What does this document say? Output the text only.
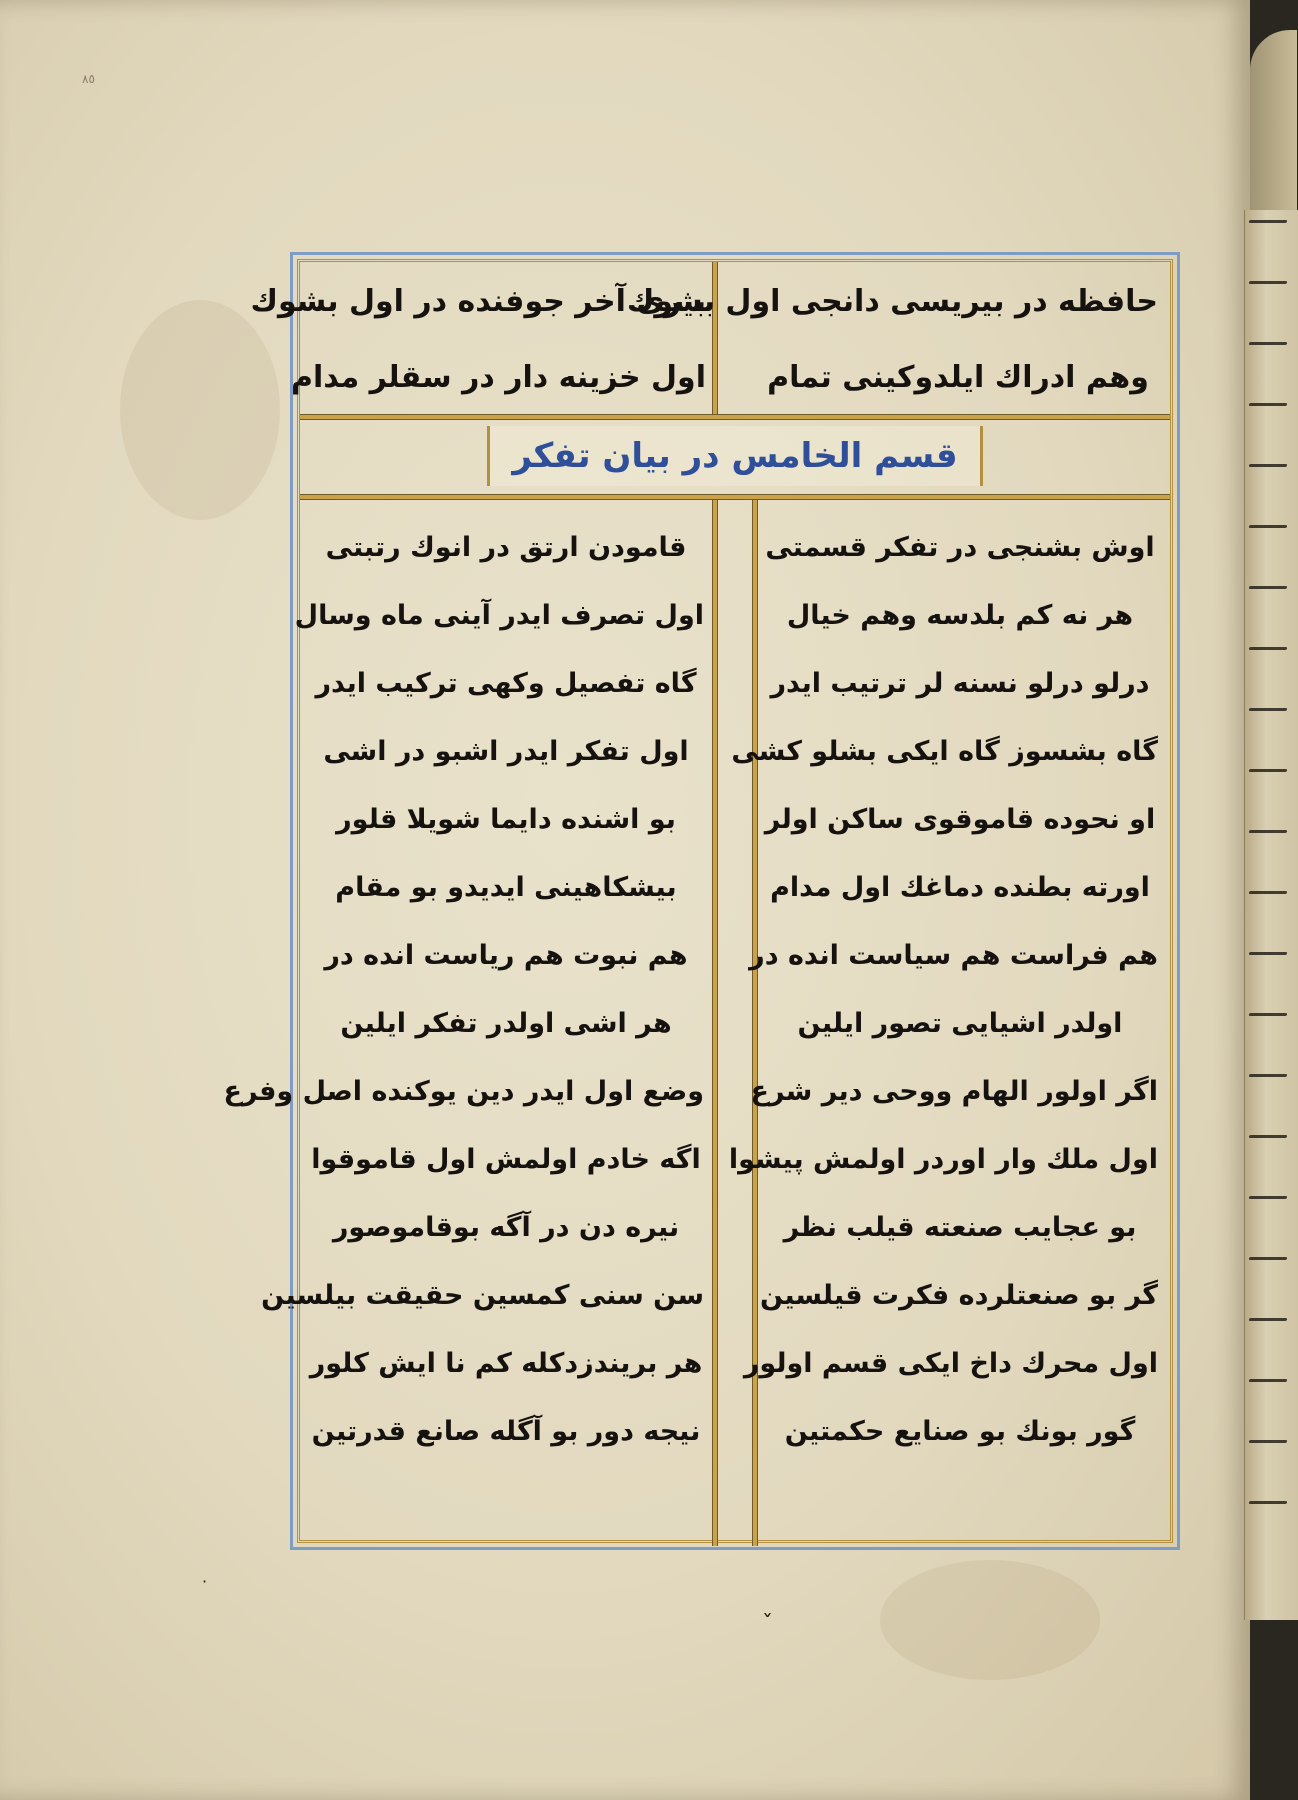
٨٥
·
ˇ
حافظه در بیریسی دانجی اول بشوك
وهم ادراك ایلدوکینی تمام
بیری آخر جوفنده در اول بشوك
اول خزینه دار در سقلر مدام
قسم الخامس در بیان تفکر
اوش بشنجی در تفکر قسمتی
هر نه کم بلدسه وهم خیال
درلو درلو نسنه لر ترتیب ایدر
گاه بشسوز گاه ایکی بشلو کشی
او نحوده قاموقوی ساکن اولر
اورته بطنده دماغك اول مدام
هم فراست هم سیاست انده در
اولدر اشیایی تصور ایلین
اگر اولور الهام ووحی دیر شرع
اول ملك وار اوردر اولمش پیشوا
بو عجایب صنعته قیلب نظر
گر بو صنعتلرده فکرت قیلسین
اول محرك داخ ایکی قسم اولور
گور بونك بو صنایع حکمتین
قامودن ارتق در انوك رتبتی
اول تصرف ایدر آینی ماه وسال
گاه تفصیل وکهی ترکیب ایدر
اول تفکر ایدر اشبو در اشی
بو اشنده دایما شویلا قلور
بیشکاهینی ایدیدو بو مقام
هم نبوت هم ریاست انده در
هر اشی اولدر تفکر ایلین
وضع اول ایدر دین یوکنده اصل وفرع
اگه خادم اولمش اول قاموقوا
نیره دن در آگه بوقاموصور
سن سنی کمسین حقیقت بیلسین
هر بریندزدکله کم نا ایش کلور
نیجه دور بو آگله صانع قدرتین
